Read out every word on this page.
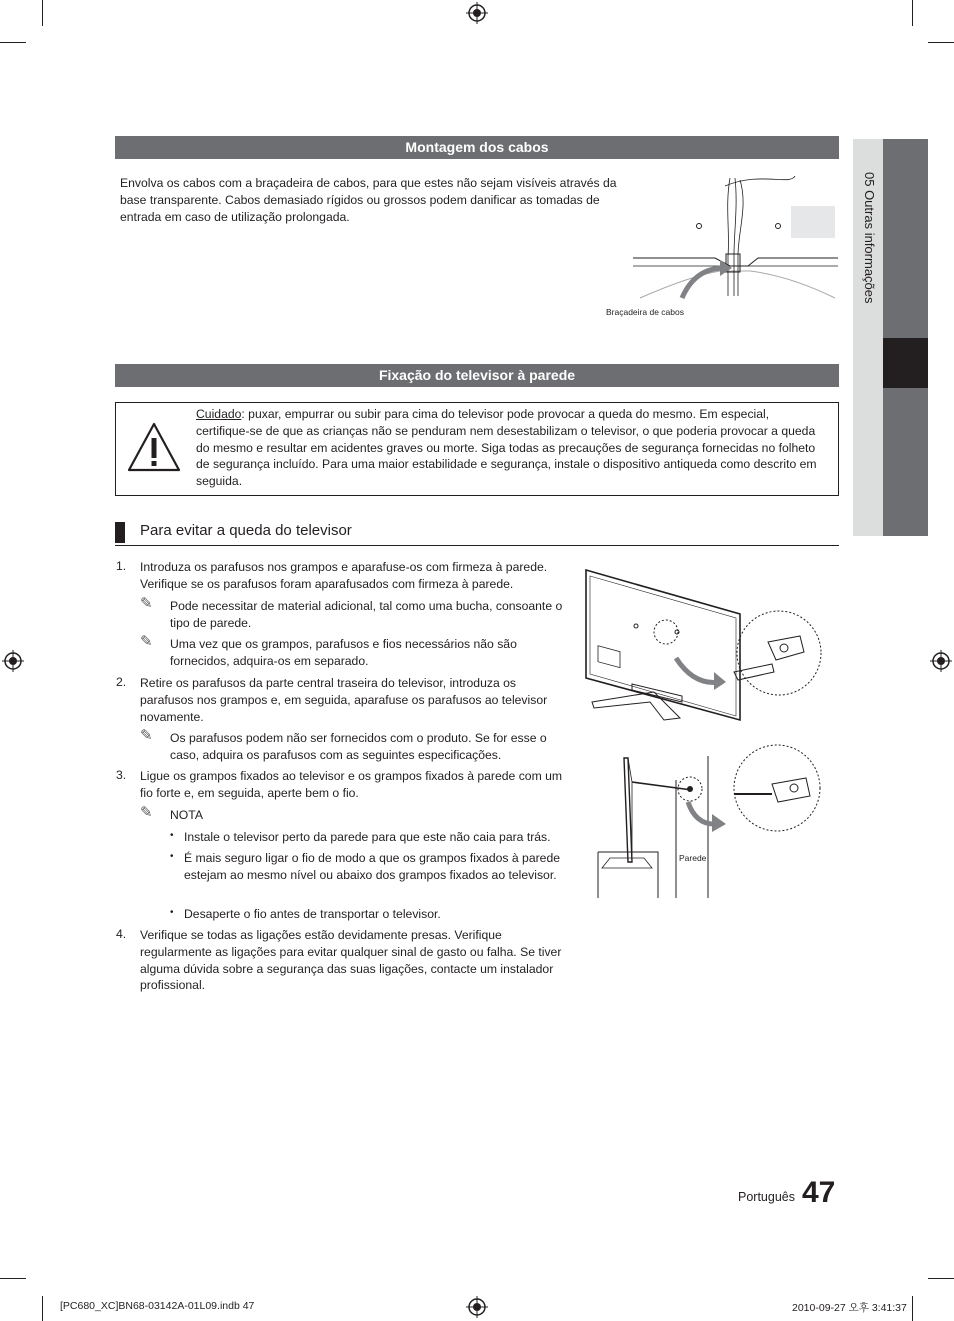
05 Outras informações
Montagem dos cabos
Envolva os cabos com a braçadeira de cabos, para que estes não sejam visíveis através da base transparente. Cabos demasiado rígidos ou grossos podem danificar as tomadas de entrada em caso de utilização prolongada.
Braçadeira de cabos
Fixação do televisor à parede
Cuidado: puxar, empurrar ou subir para cima do televisor pode provocar a queda do mesmo. Em especial, certifique-se de que as crianças não se penduram nem desestabilizam o televisor, o que poderia provocar a queda do mesmo e resultar em acidentes graves ou morte. Siga todas as precauções de segurança fornecidas no folheto de segurança incluído. Para uma maior estabilidade e segurança, instale o dispositivo antiqueda como descrito em seguida.
Para evitar a queda do televisor
1. Introduza os parafusos nos grampos e aparafuse-os com firmeza à parede. Verifique se os parafusos foram aparafusados com firmeza à parede.
✎ Pode necessitar de material adicional, tal como uma bucha, consoante o tipo de parede.
✎ Uma vez que os grampos, parafusos e fios necessários não são fornecidos, adquira-os em separado.
2. Retire os parafusos da parte central traseira do televisor, introduza os parafusos nos grampos e, em seguida, aparafuse os parafusos ao televisor novamente.
✎ Os parafusos podem não ser fornecidos com o produto. Se for esse o caso, adquira os parafusos com as seguintes especificações.
3. Ligue os grampos fixados ao televisor e os grampos fixados à parede com um fio forte e, em seguida, aperte bem o fio.
✎ NOTA
• Instale o televisor perto da parede para que este não caia para trás.
• É mais seguro ligar o fio de modo a que os grampos fixados à parede estejam ao mesmo nível ou abaixo dos grampos fixados ao televisor.
• Desaperte o fio antes de transportar o televisor.
4. Verifique se todas as ligações estão devidamente presas. Verifique regularmente as ligações para evitar qualquer sinal de gasto ou falha. Se tiver alguma dúvida sobre a segurança das suas ligações, contacte um instalador profissional.
Parede
Português 47
[PC680_XC]BN68-03142A-01L09.indb 47	2010-09-27 오후 3:41:37
